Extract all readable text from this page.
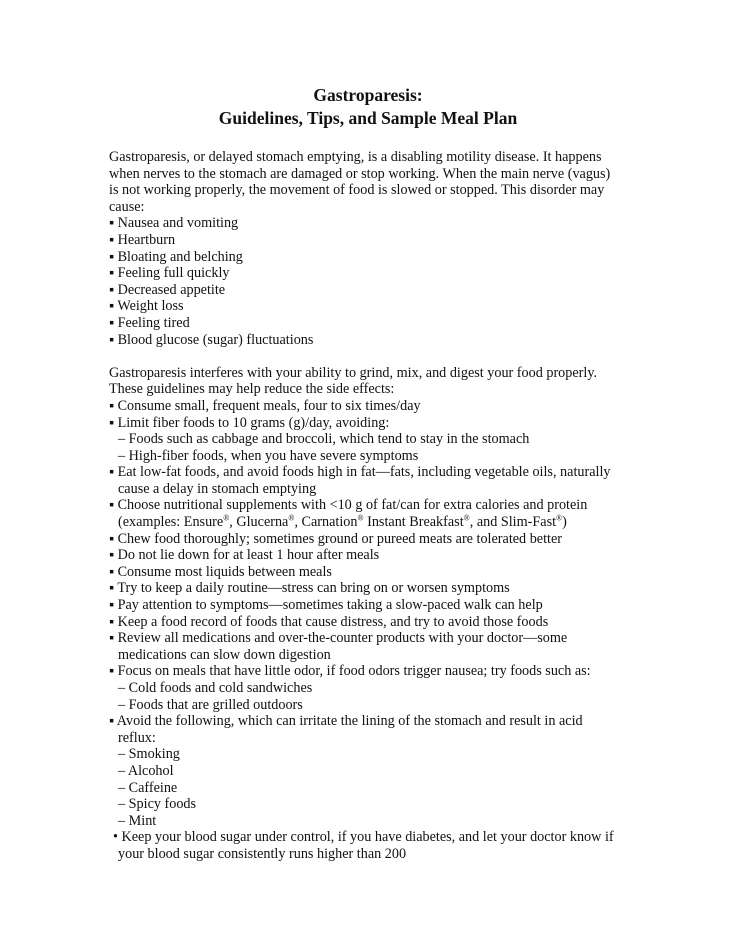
Gastroparesis:
Guidelines, Tips, and Sample Meal Plan
Gastroparesis, or delayed stomach emptying, is a disabling motility disease. It happens
when nerves to the stomach are damaged or stop working. When the main nerve (vagus)
is not working properly, the movement of food is slowed or stopped. This disorder may
cause:
▪ Nausea and vomiting
▪ Heartburn
▪ Bloating and belching
▪ Feeling full quickly
▪ Decreased appetite
▪ Weight loss
▪ Feeling tired
▪ Blood glucose (sugar) fluctuations
Gastroparesis interferes with your ability to grind, mix, and digest your food properly.
These guidelines may help reduce the side effects:
▪ Consume small, frequent meals, four to six times/day
▪ Limit fiber foods to 10 grams (g)/day, avoiding:
– Foods such as cabbage and broccoli, which tend to stay in the stomach
– High-fiber foods, when you have severe symptoms
▪ Eat low-fat foods, and avoid foods high in fat—fats, including vegetable oils, naturally
cause a delay in stomach emptying
▪ Choose nutritional supplements with <10 g of fat/can for extra calories and protein
(examples: Ensure®, Glucerna®, Carnation® Instant Breakfast®, and Slim-Fast®)
▪ Chew food thoroughly; sometimes ground or pureed meats are tolerated better
▪ Do not lie down for at least 1 hour after meals
▪ Consume most liquids between meals
▪ Try to keep a daily routine—stress can bring on or worsen symptoms
▪ Pay attention to symptoms—sometimes taking a slow-paced walk can help
▪ Keep a food record of foods that cause distress, and try to avoid those foods
▪ Review all medications and over-the-counter products with your doctor—some
medications can slow down digestion
▪ Focus on meals that have little odor, if food odors trigger nausea; try foods such as:
– Cold foods and cold sandwiches
– Foods that are grilled outdoors
▪ Avoid the following, which can irritate the lining of the stomach and result in acid
reflux:
– Smoking
– Alcohol
– Caffeine
– Spicy foods
– Mint
• Keep your blood sugar under control, if you have diabetes, and let your doctor know if
your blood sugar consistently runs higher than 200
